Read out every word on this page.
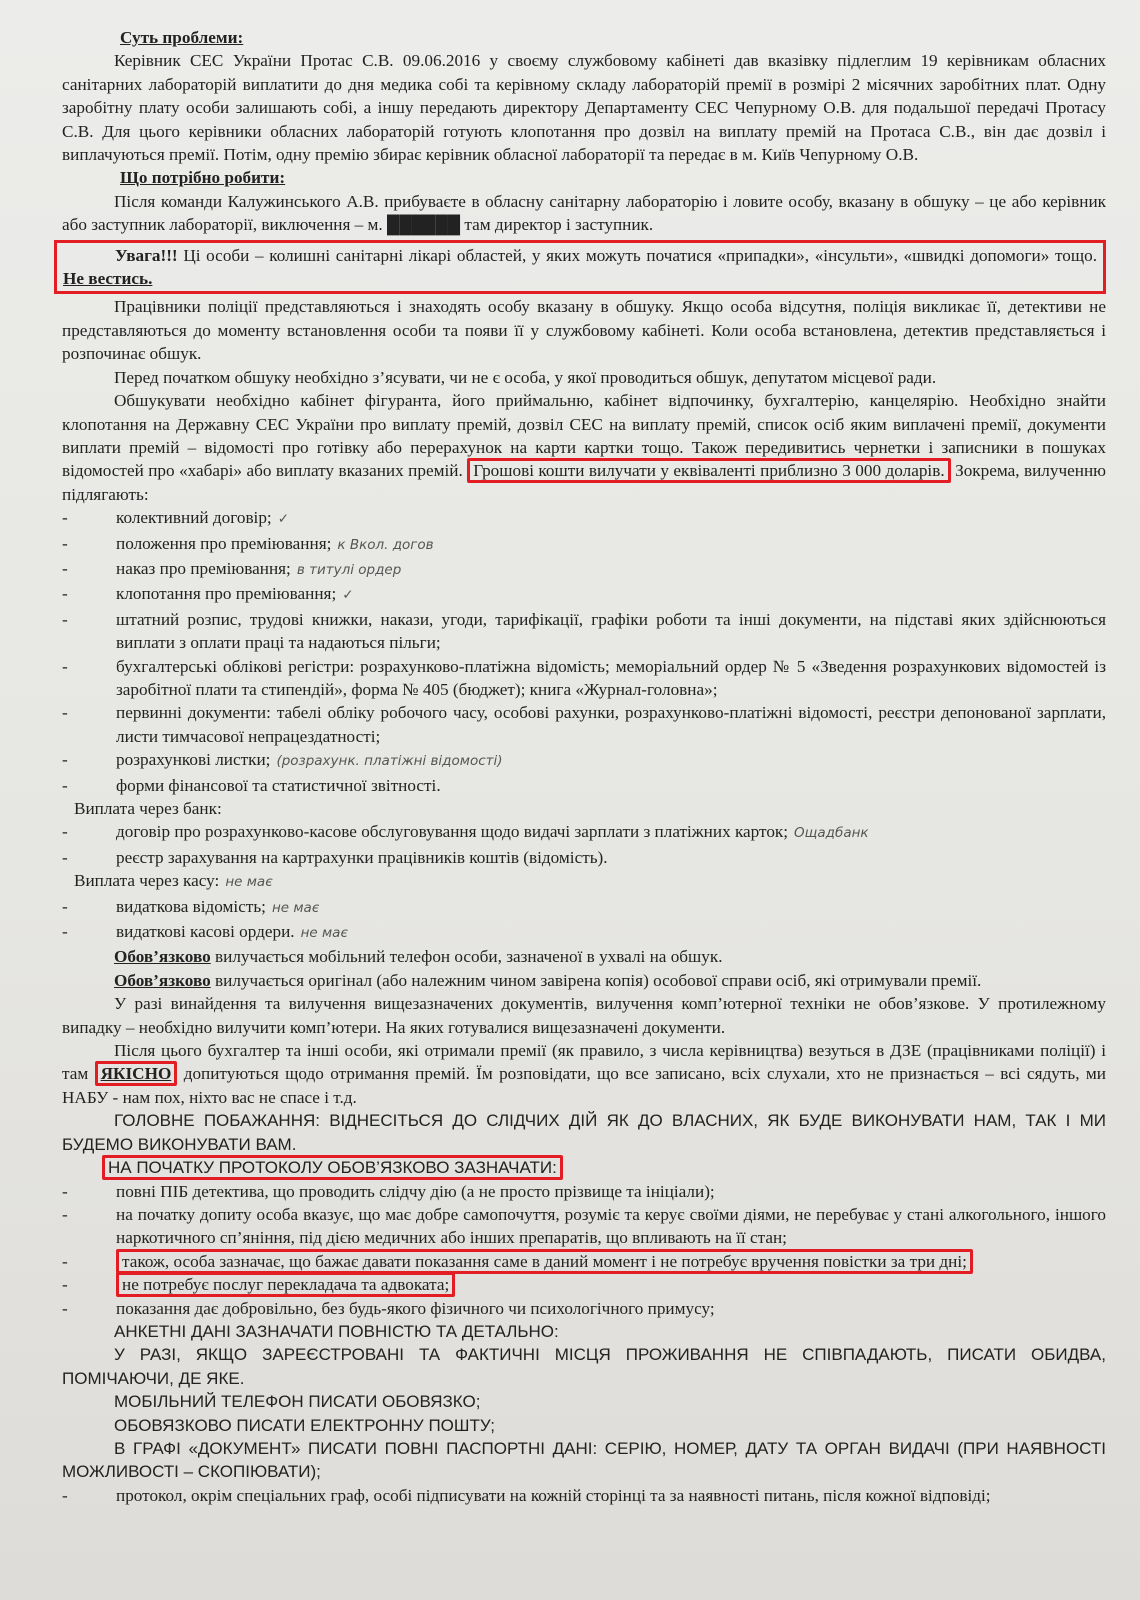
Суть проблеми:

Керівник СЕС України Протас С.В. 09.06.2016 у своєму службовому кабінеті дав вказівку підлеглим 19 керівникам обласних санітарних лабораторій виплатити до дня медика собі та керівному складу лабораторій премії в розмірі 2 місячних заробітних плат. Одну заробітну плату особи залишають собі, а іншу передають директору Департаменту СЕС Чепурному О.В. для подальшої передачі Протасу С.В. Для цього керівники обласних лабораторій готують клопотання про дозвіл на виплату премій на Протаса С.В., він дає дозвіл і виплачуються премії. Потім, одну премію збирає керівник обласної лабораторії та передає в м. Київ Чепурному О.В.

Що потрібно робити:

Після команди Калужинського А.В. прибуваєте в обласну санітарну лабораторію і ловите особу, вказану в обшуку – це або керівник або заступник лабораторії, виключення – м. ██████ там директор і заступник.

Увага!!! Ці особи – колишні санітарні лікарі областей, у яких можуть початися «припадки», «інсульти», «швидкі допомоги» тощо. Не вестись.

Працівники поліції представляються і знаходять особу вказану в обшуку. Якщо особа відсутня, поліція викликає її, детективи не представляються до моменту встановлення особи та появи її у службовому кабінеті. Коли особа встановлена, детектив представляється і розпочинає обшук.

Перед початком обшуку необхідно з’ясувати, чи не є особа, у якої проводиться обшук, депутатом місцевої ради.

Обшукувати необхідно кабінет фігуранта, його приймальню, кабінет відпочинку, бухгалтерію, канцелярію. Необхідно знайти клопотання на Державну СЕС України про виплату премій, дозвіл СЕС на виплату премій, список осіб яким виплачені премії, документи виплати премій – відомості про готівку або перерахунок на карти картки тощо. Також передивитись чернетки і записники в пошуках відомостей про «хабарі» або виплату вказаних премій. Грошові кошти вилучати у еквіваленті приблизно 3 000 доларів. Зокрема, вилученню підлягають:

- колективний договір; ✓
- положення про преміювання; к Вкол. догов
- наказ про преміювання; в титулі ордер
- клопотання про преміювання; ✓
- штатний розпис, трудові книжки, накази, угоди, тарифікації, графіки роботи та інші документи, на підставі яких здійснюються виплати з оплати праці та надаються пільги;
- бухгалтерські облікові регістри: розрахунково-платіжна відомість; меморіальний ордер № 5 «Зведення розрахункових відомостей із заробітної плати та стипендій», форма № 405 (бюджет); книга «Журнал-головна»;
- первинні документи: табелі обліку робочого часу, особові рахунки, розрахунково-платіжні відомості, реєстри депонованої зарплати, листи тимчасової непрацездатності;
- розрахункові листки; (розрахунк. платіжні відомості)
- форми фінансової та статистичної звітності.

Виплата через банк:

- договір про розрахунково-касове обслуговування щодо видачі зарплати з платіжних карток; Ощадбанк
- реєстр зарахування на картрахунки працівників коштів (відомість).

Виплата через касу: не має

- видаткова відомість; не має
- видаткові касові ордери. не має

Обов’язково вилучається мобільний телефон особи, зазначеної в ухвалі на обшук.

Обов’язково вилучається оригінал (або належним чином завірена копія) особової справи осіб, які отримували премії.

У разі винайдення та вилучення вищезазначених документів, вилучення комп’ютерної техніки не обов’язкове. У протилежному випадку – необхідно вилучити комп’ютери. На яких готувалися вищезазначені документи.

Після цього бухгалтер та інші особи, які отримали премії (як правило, з числа керівництва) везуться в ДЗЕ (працівниками поліції) і там ЯКІСНО допитуються щодо отримання премій. Їм розповідати, що все записано, всіх слухали, хто не признається – всі сядуть, ми НАБУ - нам пох, ніхто вас не спасе і т.д.

ГОЛОВНЕ ПОБАЖАННЯ: ВІДНЕСІТЬСЯ ДО СЛІДЧИХ ДІЙ ЯК ДО ВЛАСНИХ, ЯК БУДЕ ВИКОНУВАТИ НАМ, ТАК І МИ БУДЕМО ВИКОНУВАТИ ВАМ.

НА ПОЧАТКУ ПРОТОКОЛУ ОБОВ’ЯЗКОВО ЗАЗНАЧАТИ:

- повні ПІБ детектива, що проводить слідчу дію (а не просто прізвище та ініціали);
- на початку допиту особа вказує, що має добре самопочуття, розуміє та керує своїми діями, не перебуває у стані алкогольного, іншого наркотичного сп’яніння, під дією медичних або інших препаратів, що впливають на її стан;
- також, особа зазначає, що бажає давати показання саме в даний момент і не потребує вручення повістки за три дні;
- не потребує послуг перекладача та адвоката;
- показання дає добровільно, без будь-якого фізичного чи психологічного примусу;

АНКЕТНІ ДАНІ ЗАЗНАЧАТИ ПОВНІСТЮ ТА ДЕТАЛЬНО:

У РАЗІ, ЯКЩО ЗАРЕЄСТРОВАНІ ТА ФАКТИЧНІ МІСЦЯ ПРОЖИВАННЯ НЕ СПІВПАДАЮТЬ, ПИСАТИ ОБИДВА, ПОМІЧАЮЧИ, ДЕ ЯКЕ.

МОБІЛЬНИЙ ТЕЛЕФОН ПИСАТИ ОБОВЯЗКО;

ОБОВЯЗКОВО ПИСАТИ ЕЛЕКТРОННУ ПОШТУ;

В ГРАФІ «ДОКУМЕНТ» ПИСАТИ ПОВНІ ПАСПОРТНІ ДАНІ: СЕРІЮ, НОМЕР, ДАТУ ТА ОРГАН ВИДАЧІ (ПРИ НАЯВНОСТІ МОЖЛИВОСТІ – СКОПІЮВАТИ);

- протокол, окрім спеціальних граф, особі підписувати на кожній сторінці та за наявності питань, після кожної відповіді;
